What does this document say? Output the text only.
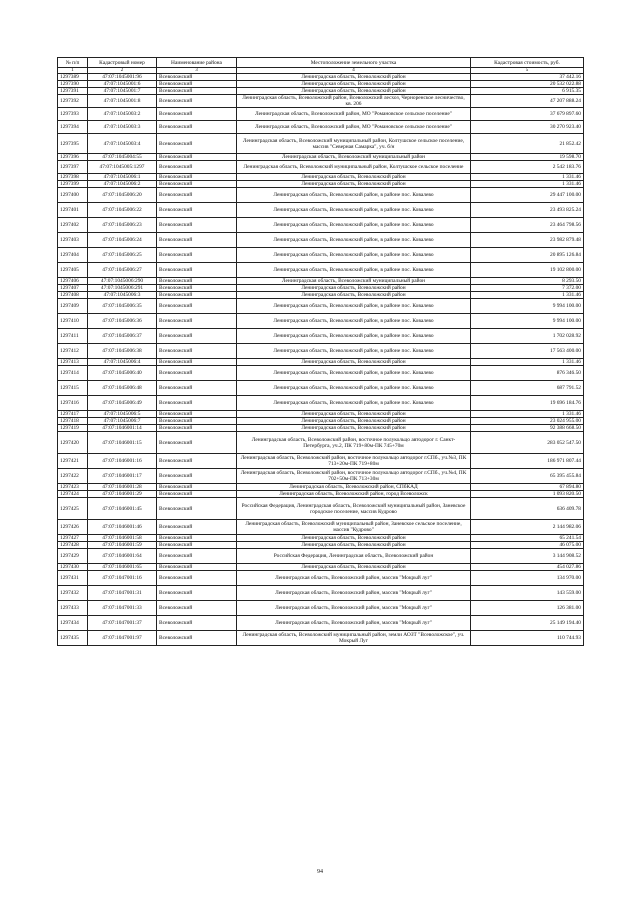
№ п/п	Кадастровый номер	Наименование района	Местоположение земельного участка	Кадастровая стоимость, руб.
1	2	3	4	5
1297389	47:07:1045001:96	Всеволожский	Ленинградская область, Всеволожский район	37 442.16
1297390	47:07:1045001:6	Всеволожский	Ленинградская область, Всеволожский район	20 532 022.88
1297391	47:07:1045001:7	Всеволожский	Ленинградская область, Всеволожский район	6 915.35
1297392	47:07:1045001:8	Всеволожский	Ленинградская область, Всеволожский район, Всеволожский лесхоз, Черноренское лесничество, кв. 206	47 207 888.24
1297393	47:07:1045003:2	Всеволожский	Ленинградская область, Всеволожский район, МО "Романовское сельское поселение"	37 679 897.60
1297394	47:07:1045003:3	Всеволожский	Ленинградская область, Всеволожский район, МО "Романовское сельское поселение"	30 270 923.40
1297395	47:07:1045003:4	Всеволожский	Ленинградская область, Всеволожский муниципальный район, Колтушское сельское поселение, массив "Северная Самарка", уч. б/н	21 852.42
1297396	47:07:1045004:55	Всеволожский	Ленинградская область, Всеволожский муниципальный район	19 598.70
1297397	47:07:1045005:1297	Всеволожский	Ленинградская область, Всеволожский муниципальный район, Колтушское сельское поселение	2 542 183.76
1297398	47:07:1045006:1	Всеволожский	Ленинградская область, Всеволожский район	1 331.46
1297399	47:07:1045006:2	Всеволожский	Ленинградская область, Всеволожский район	1 331.46
1297400	47:07:1045006:20	Всеволожский	Ленинградская область, Всеволожский район, в районе пос. Ковалево	29 447 100.00
1297401	47:07:1045006:22	Всеволожский	Ленинградская область, Всеволожский район, в районе пос. Ковалево	23 493 825.24
1297402	47:07:1045006:23	Всеволожский	Ленинградская область, Всеволожский район, в районе пос. Ковалево	23 464 798.56
1297403	47:07:1045006:24	Всеволожский	Ленинградская область, Всеволожский район, в районе пос. Ковалево	23 982 879.48
1297404	47:07:1045006:25	Всеволожский	Ленинградская область, Всеволожский район, в районе пос. Ковалево	20 895 126.84
1297405	47:07:1045006:27	Всеволожский	Ленинградская область, Всеволожский район, в районе пос. Ковалево	19 102 800.00
1297406	47:07:1045006:290	Всеволожский	Ленинградская область, Всеволожский муниципальный район	8 293.50
1297407	47:07:1045006:291	Всеволожский	Ленинградская область, Всеволожский район	7 372.00
1297408	47:07:1045006:3	Всеволожский	Ленинградская область, Всеволожский район	1 331.46
1297409	47:07:1045006:35	Всеволожский	Ленинградская область, Всеволожский район, в районе пос. Ковалево	9 994 100.00
1297410	47:07:1045006:36	Всеволожский	Ленинградская область, Всеволожский район, в районе пос. Ковалево	9 994 100.00
1297411	47:07:1045006:37	Всеволожский	Ленинградская область, Всеволожский район, в районе пос. Ковалево	1 702 028.92
1297412	47:07:1045006:38	Всеволожский	Ленинградская область, Всеволожский район, в районе пос. Ковалево	17 563 400.00
1297413	47:07:1045006:4	Всеволожский	Ленинградская область, Всеволожский район	1 331.46
1297414	47:07:1045006:40	Всеволожский	Ленинградская область, Всеволожский район, в районе пос. Ковалево	876 346.50
1297415	47:07:1045006:48	Всеволожский	Ленинградская область, Всеволожский район, в районе пос. Ковалево	687 791.52
1297416	47:07:1045006:49	Всеволожский	Ленинградская область, Всеволожский район, в районе пос. Ковалево	19 696 184.76
1297417	47:07:1045006:5	Всеволожский	Ленинградская область, Всеволожский район	1 331.46
1297418	47:07:1045006:7	Всеволожский	Ленинградская область, Всеволожский район	23 024 955.00
1297419	47:07:1046001:14	Всеволожский	Ленинградская область, Всеволожский район	92 388 668.50
1297420	47:07:1046001:15	Всеволожский	Ленинградская область, Всеволожский район, восточное полукольцо автодорог г. Санкт-Петербурга, уч.2, ПК 719+80м-ПК 745+70м	283 052 547.50
1297421	47:07:1046001:16	Всеволожский	Ленинградская область, Всеволожский район, восточное полукольцо автодорог г.СПб., уч.№3, ПК 713+20м-ПК 719+80м	186 971 807.44
1297422	47:07:1046001:17	Всеволожский	Ленинградская область, Всеволожский район, восточное полукольцо автодорог г.СПб., уч.№4, ПК 702+50м-ПК 713+30м	65 395 455.84
1297423	47:07:1046001:28	Всеволожский	Ленинградская область, Всеволожский район, СПбКАД	67 894.80
1297424	47:07:1046001:29	Всеволожский	Ленинградская область, Всеволожский район, город Всеволожск	1 093 820.50
1297425	47:07:1046001:45	Всеволожский	Российская Федерация, Ленинградская область, Всеволожский муниципальный район, Заневское городское поселение, массив Кудрово	636 409.78
1297426	47:07:1046001:46	Всеволожский	Ленинградская область, Всеволожский муниципальный район, Заневское сельское поселение, массив "Кудрово"	2 144 982.06
1297427	47:07:1046001:58	Всеволожский	Ленинградская область, Всеволожский район	65 241.54
1297428	47:07:1046001:59	Всеволожский	Ленинградская область, Всеволожский район	46 075.00
1297429	47:07:1046001:64	Всеволожский	Российская Федерация, Ленинградская область, Всеволожский район	3 144 908.52
1297430	47:07:1046001:65	Всеволожский	Ленинградская область, Всеволожский район	454 027.86
1297431	47:07:1047001:16	Всеволожский	Ленинградская область, Всеволожский район, массив "Мокрый луг"	134 970.00
1297432	47:07:1047001:31	Всеволожский	Ленинградская область, Всеволожский район, массив "Мокрый луг"	143 559.00
1297433	47:07:1047001:33	Всеволожский	Ленинградская область, Всеволожский район, массив "Мокрый луг"	126 381.00
1297434	47:07:1047001:37	Всеволожский	Ленинградская область, Всеволожский район, массив "Мокрый луг"	25 149 194.40
1297435	47:07:1047001:97	Всеволожский	Ленинградская область, Всеволожский муниципальный район, земли АОЗТ "Всеволожское", уч. Мокрый Луг	110 744.93
94
